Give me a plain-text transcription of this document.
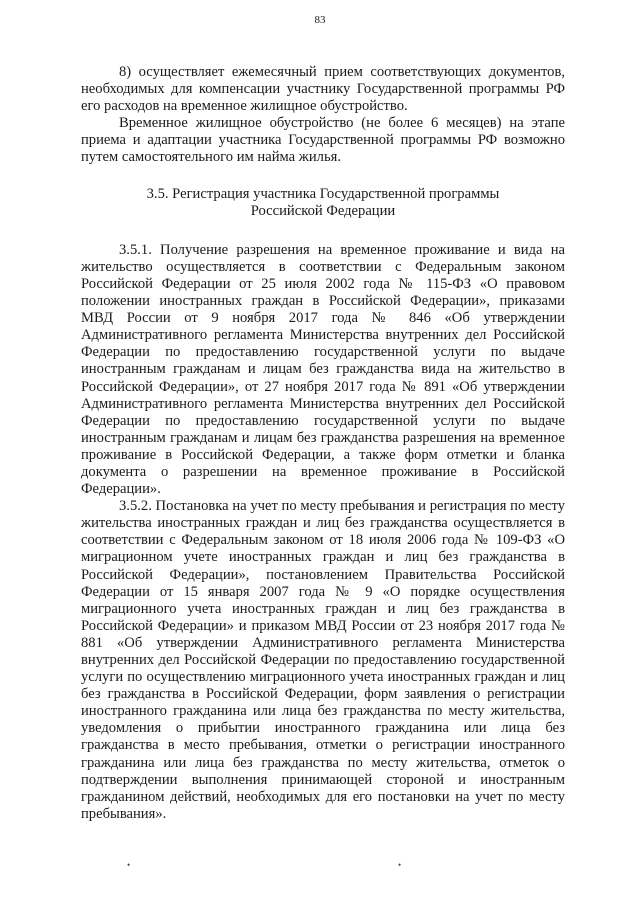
83

8) осуществляет ежемесячный прием соответствующих документов, необходимых для компенсации участнику Государственной программы РФ его расходов на временное жилищное обустройство.

Временное жилищное обустройство (не более 6 месяцев) на этапе приема и адаптации участника Государственной программы РФ возможно путем самостоятельного им найма жилья.

3.5. Регистрация участника Государственной программы
Российской Федерации

3.5.1. Получение разрешения на временное проживание и вида на жительство осуществляется в соответствии с Федеральным законом Российской Федерации от 25 июля 2002 года № 115-ФЗ «О правовом положении иностранных граждан в Российской Федерации», приказами МВД России от 9 ноября 2017 года № 846 «Об утверждении Административного регламента Министерства внутренних дел Российской Федерации по предоставлению государственной услуги по выдаче иностранным гражданам и лицам без гражданства вида на жительство в Российской Федерации», от 27 ноября 2017 года № 891 «Об утверждении Административного регламента Министерства внутренних дел Российской Федерации по предоставлению государственной услуги по выдаче иностранным гражданам и лицам без гражданства разрешения на временное проживание в Российской Федерации, а также форм отметки и бланка документа о разрешении на временное проживание в Российской Федерации».

3.5.2. Постановка на учет по месту пребывания и регистрация по месту жительства иностранных граждан и лиц без гражданства осуществляется в соответствии с Федеральным законом от 18 июля 2006 года № 109-ФЗ «О миграционном учете иностранных граждан и лиц без гражданства в Российской Федерации», постановлением Правительства Российской Федерации от 15 января 2007 года № 9 «О порядке осуществления миграционного учета иностранных граждан и лиц без гражданства в Российской Федерации» и приказом МВД России от 23 ноября 2017 года № 881 «Об утверждении Административного регламента Министерства внутренних дел Российской Федерации по предоставлению государственной услуги по осуществлению миграционного учета иностранных граждан и лиц без гражданства в Российской Федерации, форм заявления о регистрации иностранного гражданина или лица без гражданства по месту жительства, уведомления о прибытии иностранного гражданина или лица без гражданства в место пребывания, отметки о регистрации иностранного гражданина или лица без гражданства по месту жительства, отметок о подтверждении выполнения принимающей стороной и иностранным гражданином действий, необходимых для его постановки на учет по месту пребывания».

•	•
